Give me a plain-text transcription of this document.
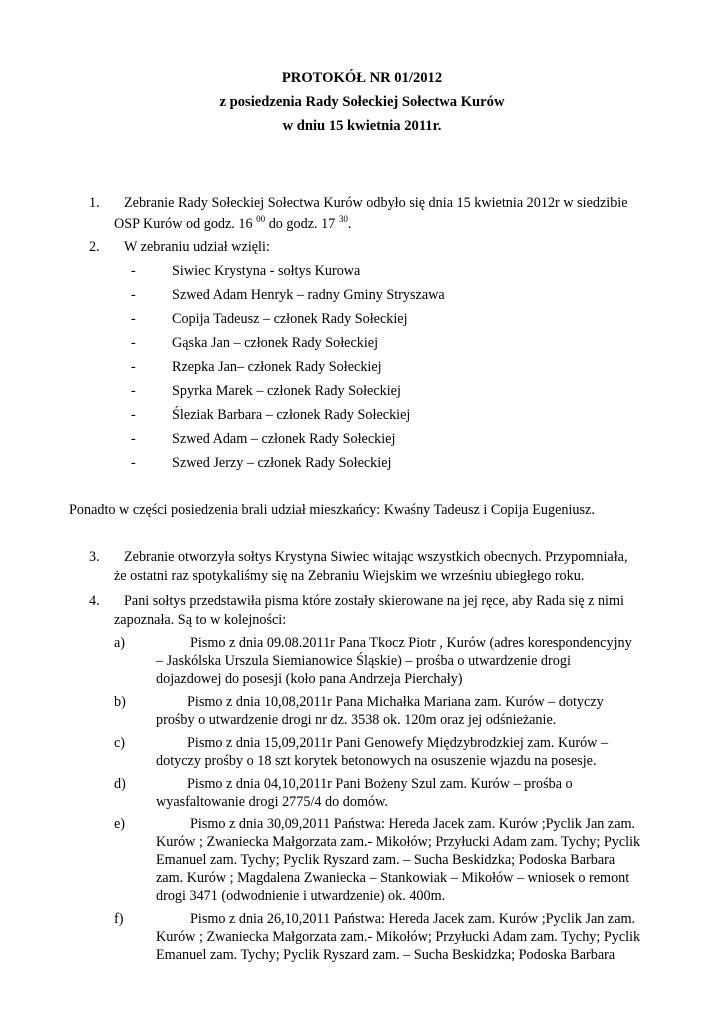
PROTOKÓŁ NR 01/2012
z posiedzenia Rady Sołeckiej Sołectwa Kurów
w dniu 15 kwietnia 2011r.
1. Zebranie Rady Sołeckiej Sołectwa Kurów odbyło się dnia 15 kwietnia 2012r w siedzibie
OSP Kurów od godz. 16 $^{00}$ do godz. 17 $^{30}$.
2. W zebraniu udział wzięli:
-	Siwiec Krystyna - sołtys Kurowa
-	Szwed Adam Henryk – radny Gminy Stryszawa
-	Copija Tadeusz – członek Rady Sołeckiej
-	Gąska Jan – członek Rady Sołeckiej
-	Rzepka Jan– członek Rady Sołeckiej
-	Spyrka Marek – członek Rady Sołeckiej
-	Śleziak Barbara – członek Rady Sołeckiej
-	Szwed Adam – członek Rady Sołeckiej
-	Szwed Jerzy – członek Rady Sołeckiej
Ponadto w części posiedzenia brali udział mieszkańcy: Kwaśny Tadeusz i Copija Eugeniusz.
3. Zebranie otworzyła sołtys Krystyna Siwiec witając wszystkich obecnych. Przypomniała,
że ostatni raz spotykaliśmy się na Zebraniu Wiejskim we wrześniu ubiegłego roku.
4. Pani sołtys przedstawiła pisma które zostały skierowane na jej ręce, aby Rada się z nimi
zapoznała. Są to w kolejności:
a)	Pismo z dnia 09.08.2011r Pana Tkocz Piotr , Kurów (adres korespondencyjny
– Jaskólska Urszula Siemianowice Śląskie) – prośba o utwardzenie drogi
dojazdowej do posesji (koło pana Andrzeja Pierchały)
b)	Pismo z dnia 10,08,2011r Pana Michałka Mariana zam. Kurów – dotyczy
prośby o utwardzenie drogi nr dz. 3538 ok. 120m oraz jej odśnieżanie.
c)	Pismo z dnia 15,09,2011r Pani Genowefy Międzybrodzkiej zam. Kurów –
dotyczy prośby o 18 szt korytek betonowych na osuszenie wjazdu na posesje.
d)	Pismo z dnia 04,10,2011r Pani Bożeny Szul zam. Kurów – prośba o
wyasfaltowanie drogi 2775/4 do domów.
e)	Pismo z dnia 30,09,2011 Państwa: Hereda Jacek zam. Kurów ;Pyclik Jan zam.
Kurów ; Zwaniecka Małgorzata zam.- Mikołów; Przyłucki Adam zam. Tychy; Pyclik
Emanuel zam. Tychy; Pyclik Ryszard zam. – Sucha Beskidzka; Podoska Barbara
zam. Kurów ; Magdalena Zwaniecka – Stankowiak – Mikołów – wniosek o remont
drogi 3471 (odwodnienie i utwardzenie) ok. 400m.
f)	Pismo z dnia 26,10,2011 Państwa: Hereda Jacek zam. Kurów ;Pyclik Jan zam.
Kurów ; Zwaniecka Małgorzata zam.- Mikołów; Przyłucki Adam zam. Tychy; Pyclik
Emanuel zam. Tychy; Pyclik Ryszard zam. – Sucha Beskidzka; Podoska Barbara
